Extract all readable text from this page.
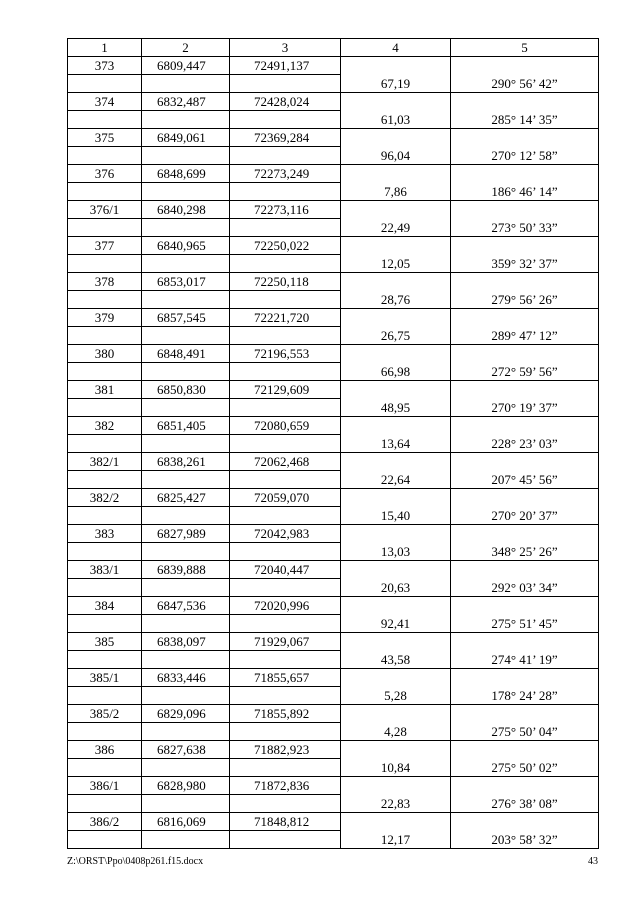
1	2	3	4	5
373	6809,447	72491,137		
			67,19	290° 56’ 42”
374	6832,487	72428,024		
			61,03	285° 14’ 35”
375	6849,061	72369,284		
			96,04	270° 12’ 58”
376	6848,699	72273,249		
			7,86	186° 46’ 14”
376/1	6840,298	72273,116		
			22,49	273° 50’ 33”
377	6840,965	72250,022		
			12,05	359° 32’ 37”
378	6853,017	72250,118		
			28,76	279° 56’ 26”
379	6857,545	72221,720		
			26,75	289° 47’ 12”
380	6848,491	72196,553		
			66,98	272° 59’ 56”
381	6850,830	72129,609		
			48,95	270° 19’ 37”
382	6851,405	72080,659		
			13,64	228° 23’ 03”
382/1	6838,261	72062,468		
			22,64	207° 45’ 56”
382/2	6825,427	72059,070		
			15,40	270° 20’ 37”
383	6827,989	72042,983		
			13,03	348° 25’ 26”
383/1	6839,888	72040,447		
			20,63	292° 03’ 34”
384	6847,536	72020,996		
			92,41	275° 51’ 45”
385	6838,097	71929,067		
			43,58	274° 41’ 19”
385/1	6833,446	71855,657		
			5,28	178° 24’ 28”
385/2	6829,096	71855,892		
			4,28	275° 50’ 04”
386	6827,638	71882,923		
			10,84	275° 50’ 02”
386/1	6828,980	71872,836		
			22,83	276° 38’ 08”
386/2	6816,069	71848,812		
			12,17	203° 58’ 32”
Z:\ORST\Ppo\0408p261.f15.docx	43
